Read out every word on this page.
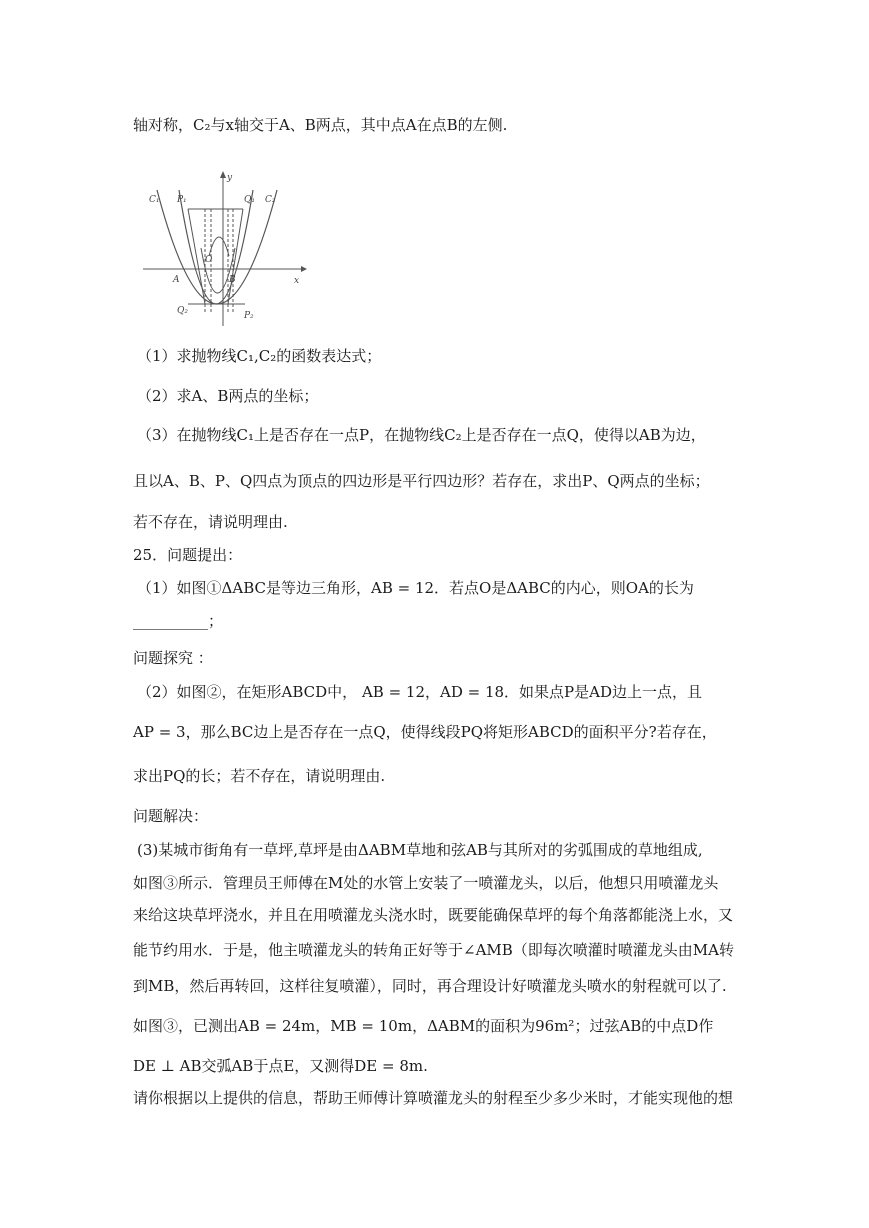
轴对称，C₂与x轴交于A、B两点，其中点A在点B的左侧.
C₁ P₁
y
Q₁ C₂
O
A	B	x
Q₂	P₂
（1）求抛物线C₁,C₂的函数表达式；
（2）求A、B两点的坐标；
（3）在抛物线C₁上是否存在一点P，在抛物线C₂上是否存在一点Q，使得以AB为边，
且以A、B、P、Q四点为顶点的四边形是平行四边形？若存在，求出P、Q两点的坐标；
若不存在，请说明理由.
25．问题提出：
（1）如图①ΔABC是等边三角形，AB = 12．若点O是ΔABC的内心，则OA的长为
__________；
问题探究 ：
（2）如图②，在矩形ABCD中， AB = 12，AD = 18．如果点P是AD边上一点，且
AP = 3，那么BC边上是否存在一点Q，使得线段PQ将矩形ABCD的面积平分?若存在，
求出PQ的长；若不存在，请说明理由.
问题解决：
(3)某城市街角有一草坪,草坪是由ΔABM草地和弦AB与其所对的劣弧围成的草地组成,
如图③所示．管理员王师傅在M处的水管上安装了一喷灌龙头，以后，他想只用喷灌龙头
来给这块草坪浇水，并且在用喷灌龙头浇水时，既要能确保草坪的每个角落都能浇上水，又
能节约用水．于是，他主喷灌龙头的转角正好等于∠AMB（即每次喷灌时喷灌龙头由MA转
到MB，然后再转回，这样往复喷灌），同时，再合理设计好喷灌龙头喷水的射程就可以了.
如图③，已测出AB = 24m，MB = 10m，ΔABM的面积为96m²；过弦AB的中点D作
DE ⊥ AB交弧AB于点E，又测得DE = 8m.
请你根据以上提供的信息，帮助王师傅计算喷灌龙头的射程至少多少米时，才能实现他的想
